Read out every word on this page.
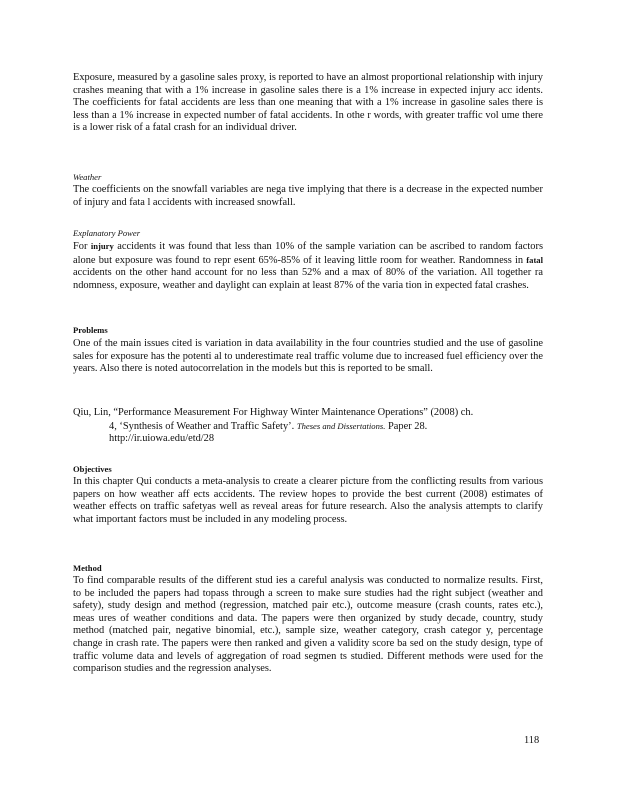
Exposure, measured by a gasoline sales proxy, is reported to have an almost proportional relationship with injury crashes meaning that with a 1% increase in gasoline sales there is a 1% increase in expected injury acc idents. The coefficients for fatal accidents are less than one meaning that with a 1% increase in gasoline sales there is less than a 1% increase in expected number of fatal accidents. In othe r words, with greater traffic vol ume there is a lower risk of a fatal crash for an individual driver.

Weather

The coefficients on the snowfall variables are nega tive implying that there is a decrease in the expected number of injury and fata l accidents with increased snowfall.

Explanatory Power

For injury accidents it was found that less than 10% of the sample variation can be ascribed to random factors alone but exposure was found to repr esent 65%-85% of it leaving little room for weather. Randomness in fatal accidents on the other hand account for no less than 52% and a max of 80% of the variation. All together ra ndomness, exposure, weather and daylight can explain at least 87% of the varia tion in expected fatal crashes.

Problems

One of the main issues cited is variation in data availability in the four countries studied and the use of gasoline sales for exposure has the potenti al to underestimate real traffic volume due to increased fuel efficiency over the years. Also there is noted autocorrelation in the models but this is reported to be small.

Qiu, Lin, “Performance Measurement For Highway Winter Maintenance Operations” (2008) ch.
4, ‘Synthesis of Weather and Traffic Safety’. Theses and Dissertations. Paper 28.
http://ir.uiowa.edu/etd/28

Objectives

In this chapter Qui conducts a meta-analysis to create a clearer picture from the conflicting results from various papers on how weather aff ects accidents. The review hopes to provide the best current (2008) estimates of weather effects on traffic safetyas well as reveal areas for future research. Also the analysis attempts to clarify what important factors must be included in any modeling process.

Method

To find comparable results of the different stud ies a careful analysis was conducted to normalize results. First, to be included the papers had topass through a screen to make sure studies had the right subject (weather and safety), study design and method (regression, matched pair etc.), outcome measure (crash counts, rates etc.), meas ures of weather conditions and data. The papers were then organized by study decade, country, study method (matched pair, negative binomial, etc.), sample size, weather category, crash categor y, percentage change in crash rate. The papers were then ranked and given a validity score ba sed on the study design, type of traffic volume data and levels of aggregation of road segmen ts studied. Different methods were used for the comparison studies and the regression analyses.

118
